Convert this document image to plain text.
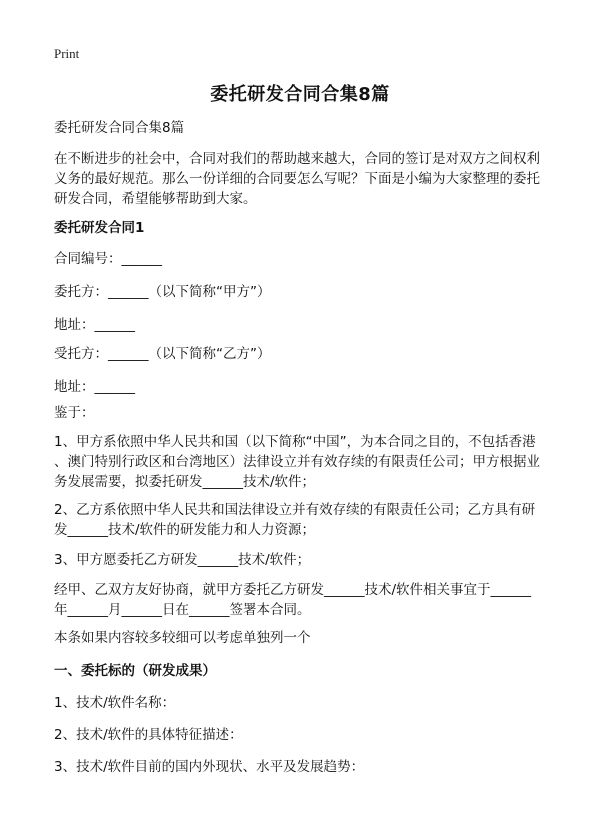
Print
委托研发合同合集8篇

委托研发合同合集8篇

在不断进步的社会中，合同对我们的帮助越来越大，合同的签订是对双方之间权利
义务的最好规范。那么一份详细的合同要怎么写呢？下面是小编为大家整理的委托
研发合同，希望能够帮助到大家。

委托研发合同1

合同编号：______

委托方：______（以下简称“甲方”）

地址：______

受托方：______（以下简称“乙方”）

地址：______

鉴于：

1、甲方系依照中华人民共和国（以下简称“中国”，为本合同之目的，不包括香港
、澳门特别行政区和台湾地区）法律设立并有效存续的有限责任公司；甲方根据业
务发展需要，拟委托研发______技术/软件；
2、乙方系依照中华人民共和国法律设立并有效存续的有限责任公司；乙方具有研
发______技术/软件的研发能力和人力资源；

3、甲方愿委托乙方研发______技术/软件；

经甲、乙双方友好协商，就甲方委托乙方研发______技术/软件相关事宜于______
年______月______日在______签署本合同。

本条如果内容较多较细可以考虑单独列一个

一、委托标的（研发成果）

1、技术/软件名称：

2、技术/软件的具体特征描述：

3、技术/软件目前的国内外现状、水平及发展趋势：
